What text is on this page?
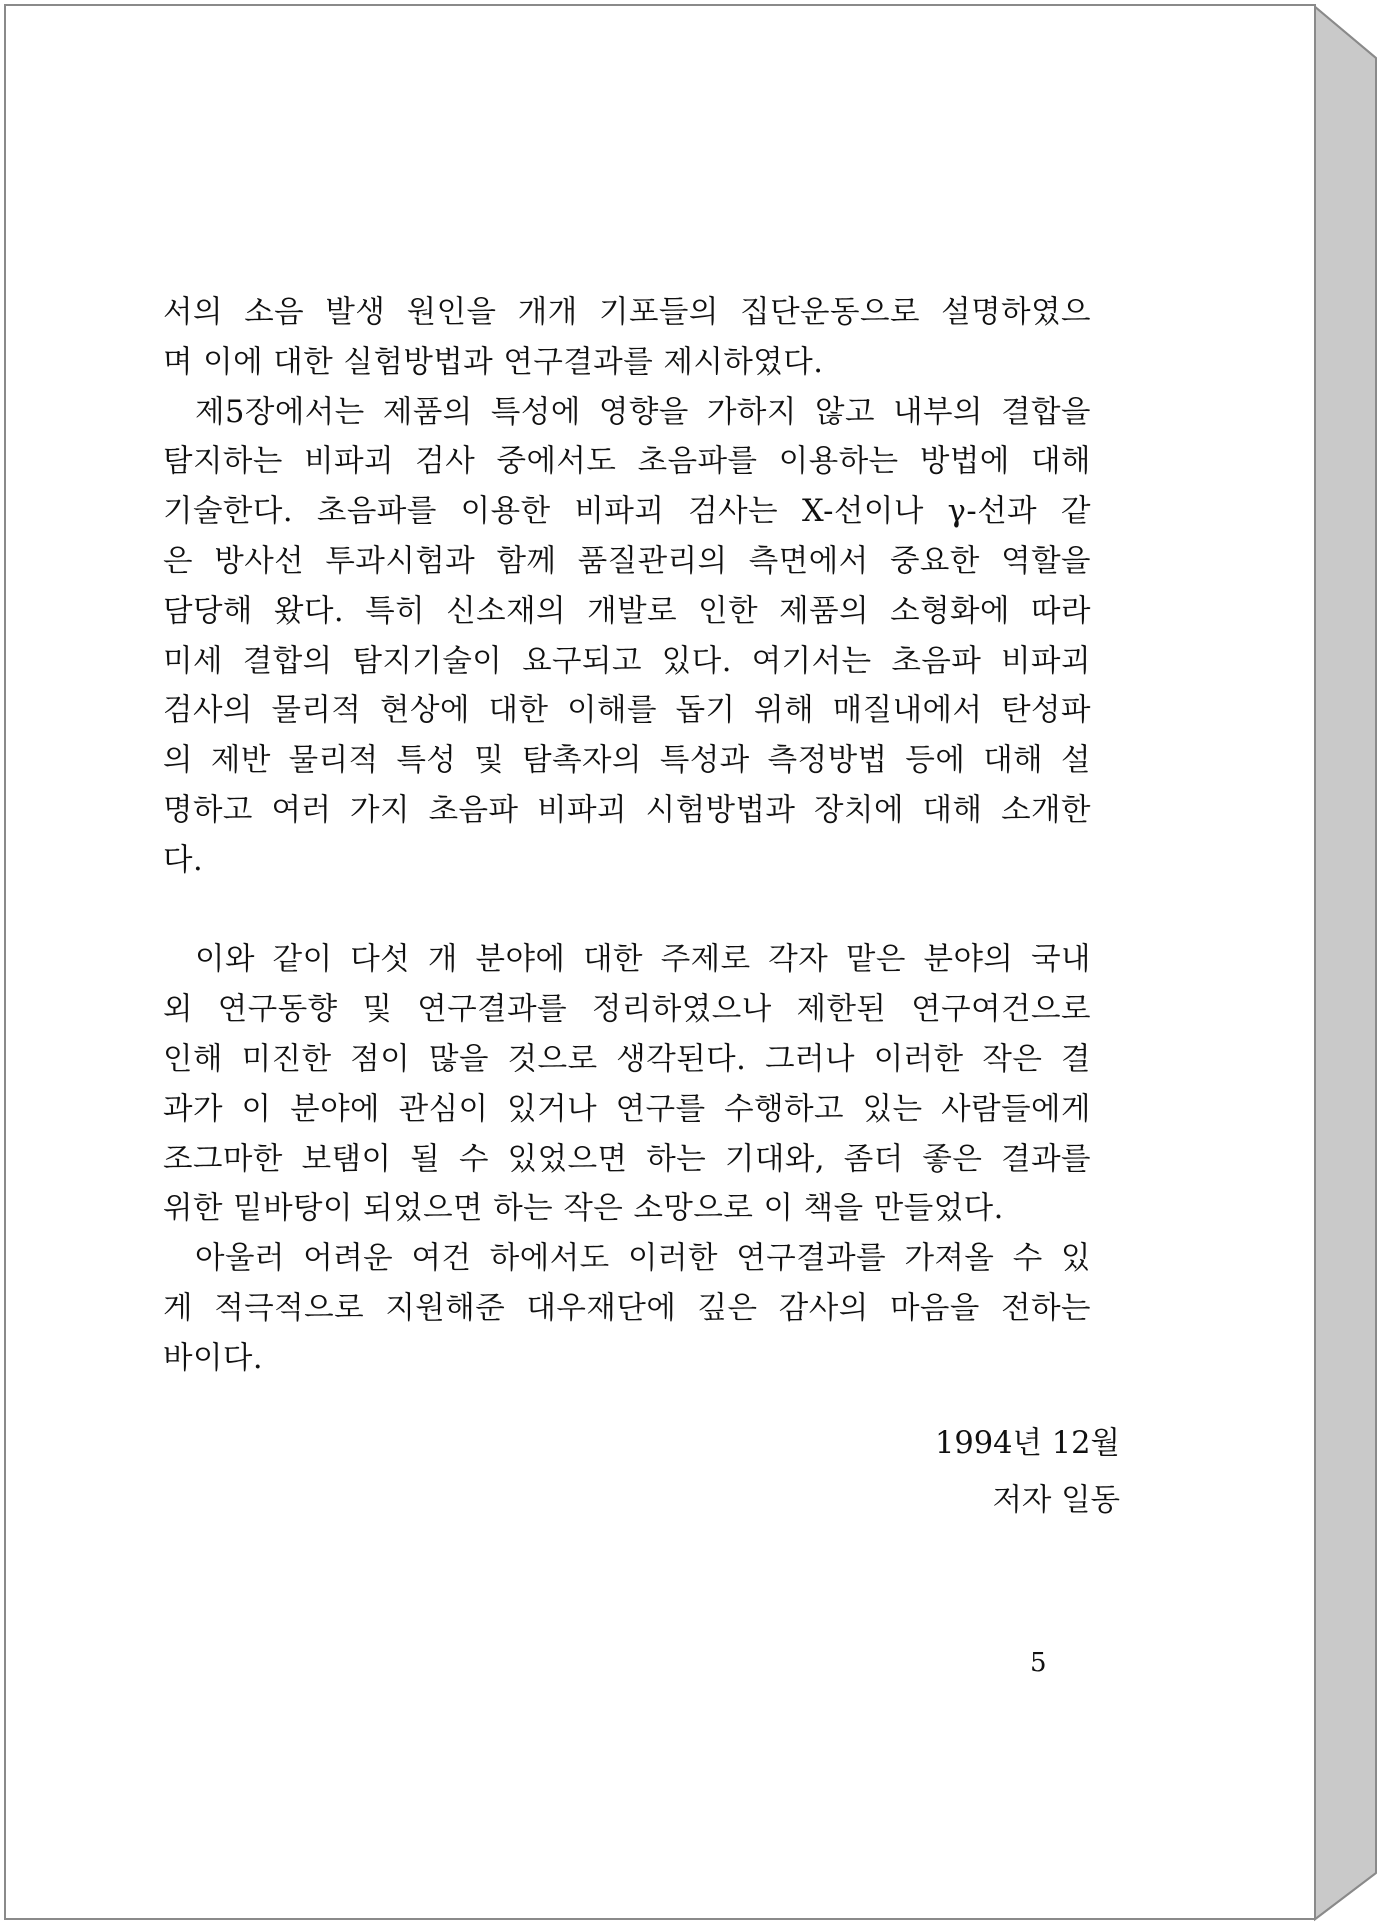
서의 소음 발생 원인을 개개 기포들의 집단운동으로 설명하였으
며 이에 대한 실험방법과 연구결과를 제시하였다.
제5장에서는 제품의 특성에 영향을 가하지 않고 내부의 결합을
탐지하는 비파괴 검사 중에서도 초음파를 이용하는 방법에 대해
기술한다. 초음파를 이용한 비파괴 검사는 X-선이나 γ-선과 같
은 방사선 투과시험과 함께 품질관리의 측면에서 중요한 역할을
담당해 왔다. 특히 신소재의 개발로 인한 제품의 소형화에 따라
미세 결합의 탐지기술이 요구되고 있다. 여기서는 초음파 비파괴
검사의 물리적 현상에 대한 이해를 돕기 위해 매질내에서 탄성파
의 제반 물리적 특성 및 탐촉자의 특성과 측정방법 등에 대해 설
명하고 여러 가지 초음파 비파괴 시험방법과 장치에 대해 소개한
다.
이와 같이 다섯 개 분야에 대한 주제로 각자 맡은 분야의 국내
외 연구동향 및 연구결과를 정리하였으나 제한된 연구여건으로
인해 미진한 점이 많을 것으로 생각된다. 그러나 이러한 작은 결
과가 이 분야에 관심이 있거나 연구를 수행하고 있는 사람들에게
조그마한 보탬이 될 수 있었으면 하는 기대와, 좀더 좋은 결과를
위한 밑바탕이 되었으면 하는 작은 소망으로 이 책을 만들었다.
아울러 어려운 여건 하에서도 이러한 연구결과를 가져올 수 있
게 적극적으로 지원해준 대우재단에 깊은 감사의 마음을 전하는
바이다.
1994년 12월
저자 일동
5
